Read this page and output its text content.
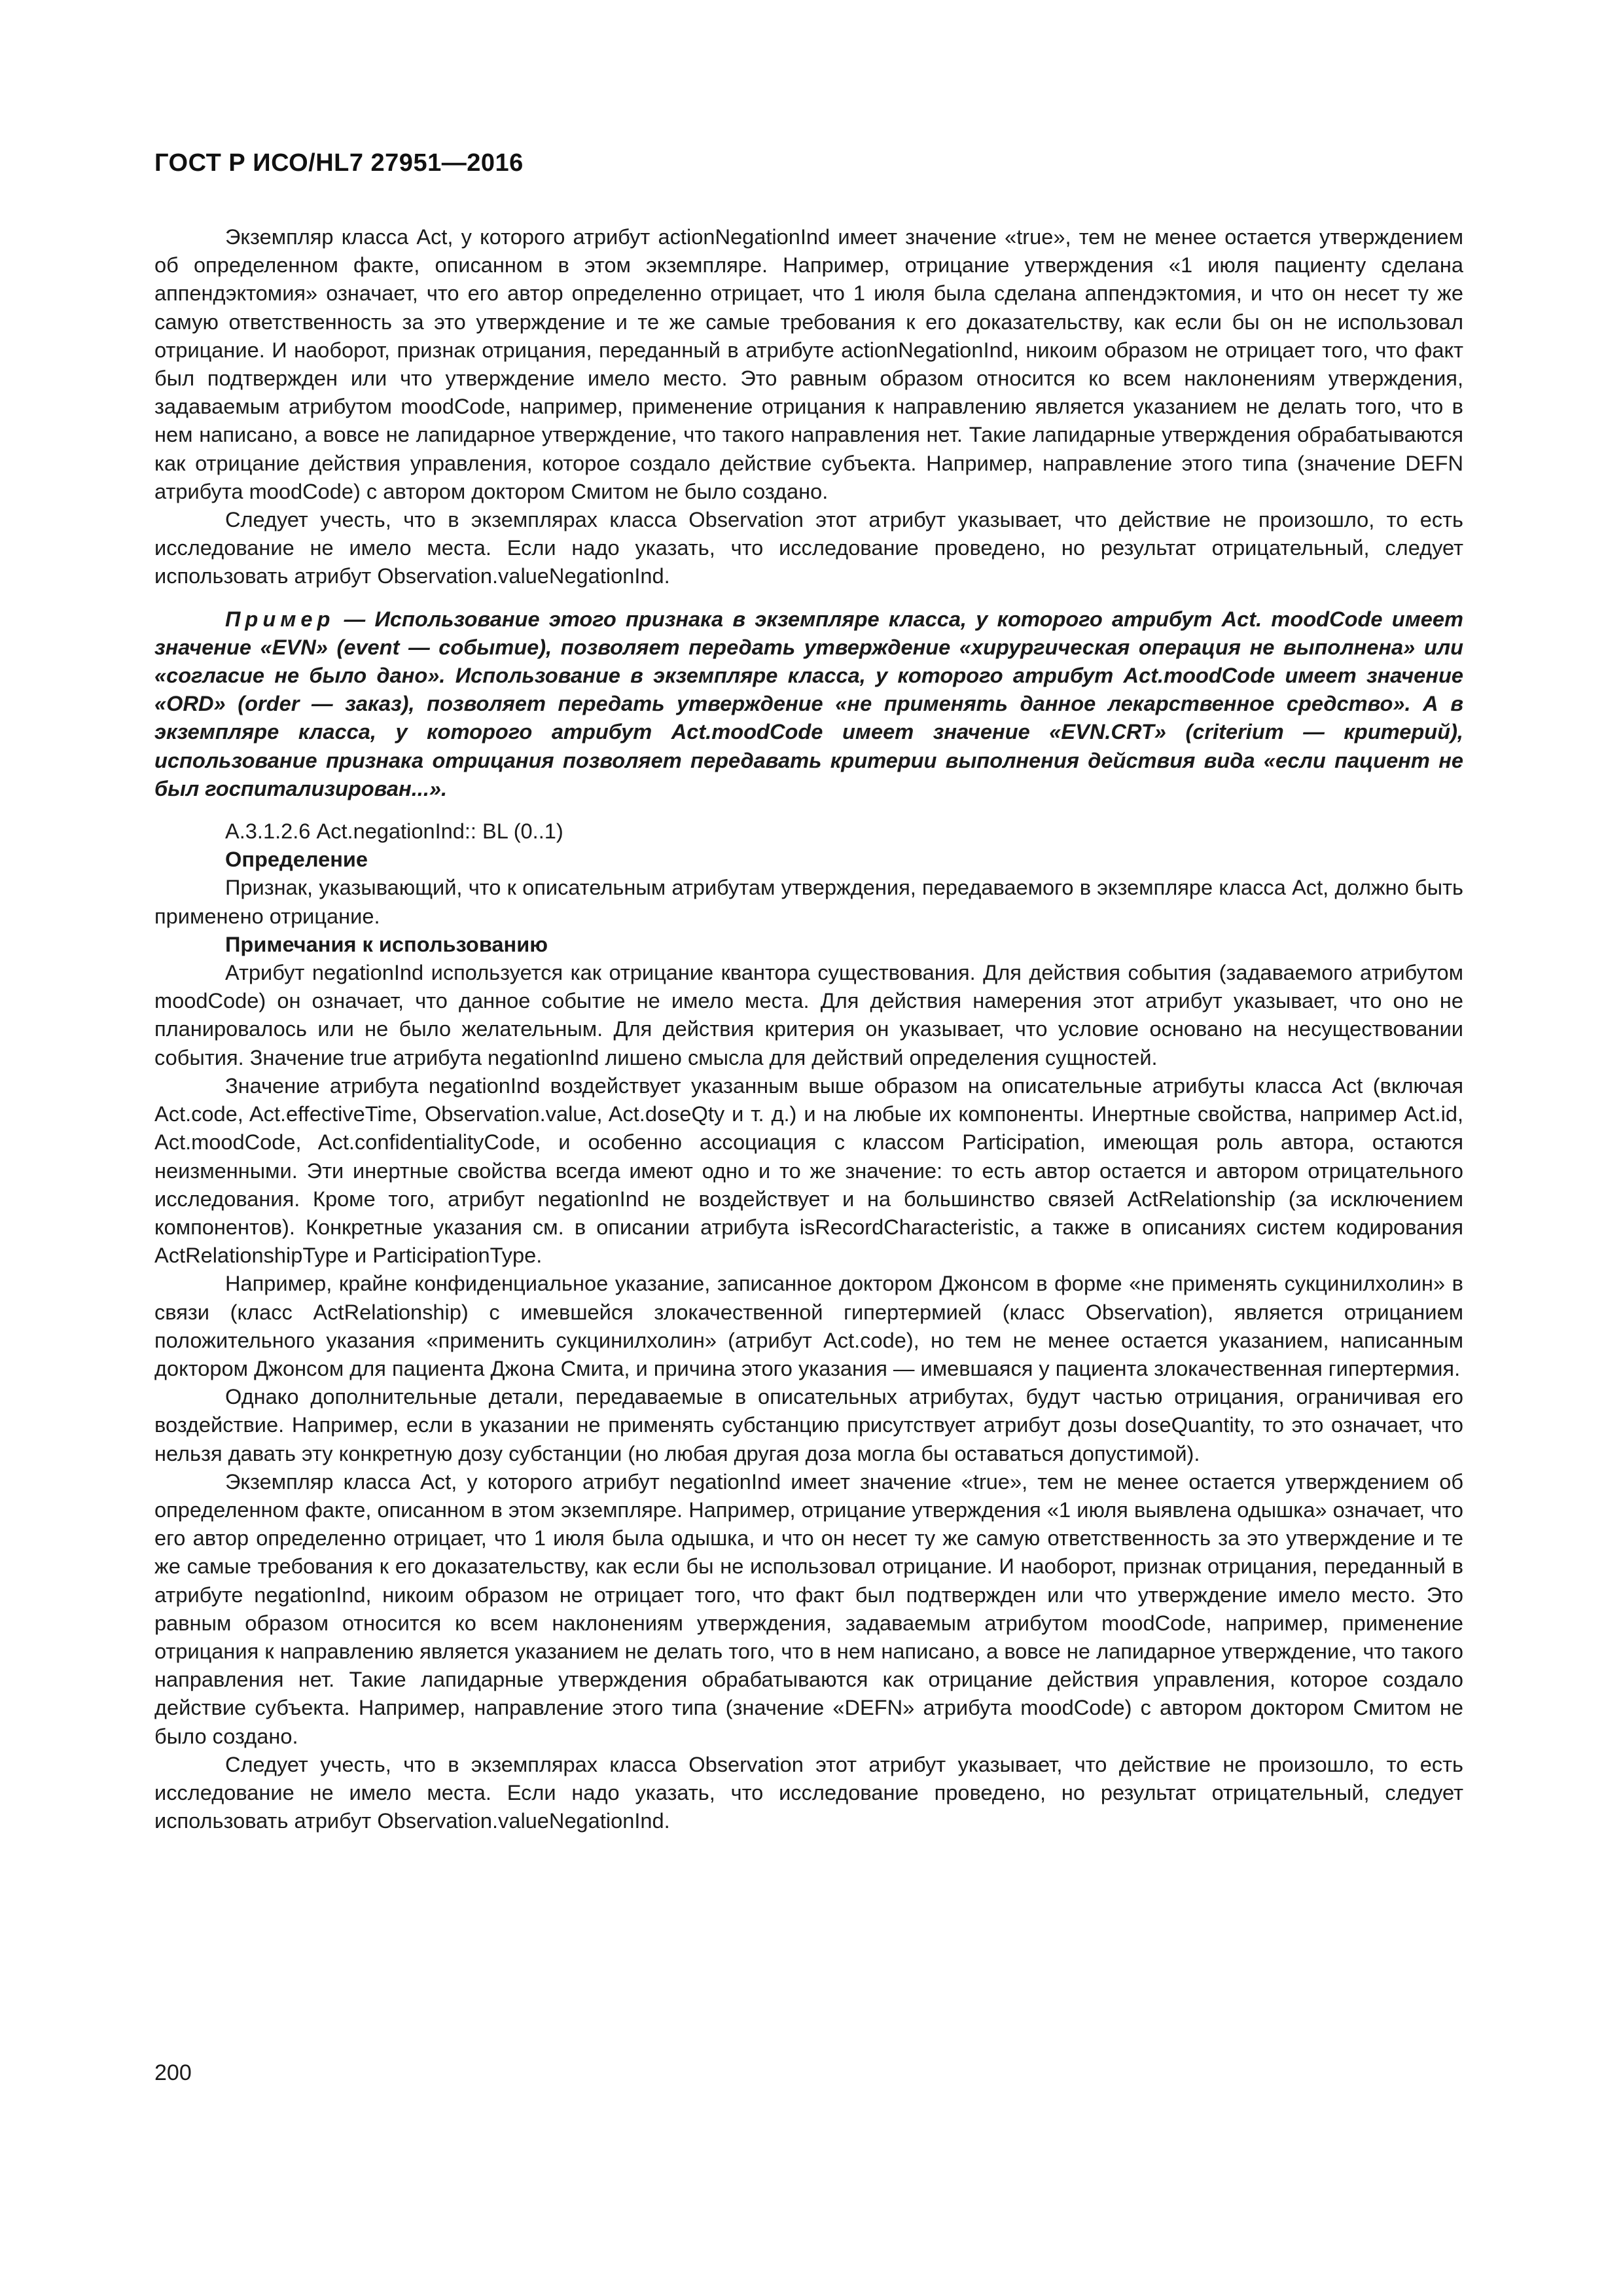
ГОСТ Р ИСО/HL7 27951—2016

Экземпляр класса Act, у которого атрибут actionNegationInd имеет значение «true», тем не менее остается утверждением об определенном факте, описанном в этом экземпляре. Например, отрицание утверждения «1 июля пациенту сделана аппендэктомия» означает, что его автор определенно отрицает, что 1 июля была сделана аппендэктомия, и что он несет ту же самую ответственность за это утверждение и те же самые требования к его доказательству, как если бы он не использовал отрицание. И наоборот, признак отрицания, переданный в атрибуте actionNegationInd, никоим образом не отрицает того, что факт был подтвержден или что утверждение имело место. Это равным образом относится ко всем наклонениям утверждения, задаваемым атрибутом moodCode, например, применение отрицания к направлению является указанием не делать того, что в нем написано, а вовсе не лапидарное утверждение, что такого направления нет. Такие лапидарные утверждения обрабатываются как отрицание действия управления, которое создало действие субъекта. Например, направление этого типа (значение DEFN атрибута moodCode) с автором доктором Смитом не было создано.

Следует учесть, что в экземплярах класса Observation этот атрибут указывает, что действие не произошло, то есть исследование не имело места. Если надо указать, что исследование проведено, но результат отрицательный, следует использовать атрибут Observation.valueNegationInd.

Пример — Использование этого признака в экземпляре класса, у которого атрибут Act. moodCode имеет значение «EVN» (event — событие), позволяет передать утверждение «хирургическая операция не выполнена» или «согласие не было дано». Использование в экземпляре класса, у которого атрибут Act.moodCode имеет значение «ORD» (order — заказ), позволяет передать утверждение «не применять данное лекарственное средство». А в экземпляре класса, у которого атрибут Act.moodCode имеет значение «EVN.CRT» (criterium — критерий), использование признака отрицания позволяет передавать критерии выполнения действия вида «если пациент не был госпитализирован...».

А.3.1.2.6 Act.negationInd:: BL (0..1)

Определение

Признак, указывающий, что к описательным атрибутам утверждения, передаваемого в экземпляре класса Act, должно быть применено отрицание.

Примечания к использованию

Атрибут negationInd используется как отрицание квантора существования. Для действия события (задаваемого атрибутом moodCode) он означает, что данное событие не имело места. Для действия намерения этот атрибут указывает, что оно не планировалось или не было желательным. Для действия критерия он указывает, что условие основано на несуществовании события. Значение true атрибута negationInd лишено смысла для действий определения сущностей.

Значение атрибута negationInd воздействует указанным выше образом на описательные атрибуты класса Act (включая Act.code, Act.effectiveTime, Observation.value, Act.doseQty и т. д.) и на любые их компоненты. Инертные свойства, например Act.id, Act.moodCode, Act.confidentialityCode, и особенно ассоциация с классом Participation, имеющая роль автора, остаются неизменными. Эти инертные свойства всегда имеют одно и то же значение: то есть автор остается и автором отрицательного исследования. Кроме того, атрибут negationInd не воздействует и на большинство связей ActRelationship (за исключением компонентов). Конкретные указания см. в описании атрибута isRecordCharacteristic, а также в описаниях систем кодирования ActRelationshipType и ParticipationType.

Например, крайне конфиденциальное указание, записанное доктором Джонсом в форме «не применять сукцинилхолин» в связи (класс ActRelationship) с имевшейся злокачественной гипертермией (класс Observation), является отрицанием положительного указания «применить сукцинилхолин» (атрибут Act.code), но тем не менее остается указанием, написанным доктором Джонсом для пациента Джона Смита, и причина этого указания — имевшаяся у пациента злокачественная гипертермия.

Однако дополнительные детали, передаваемые в описательных атрибутах, будут частью отрицания, ограничивая его воздействие. Например, если в указании не применять субстанцию присутствует атрибут дозы doseQuantity, то это означает, что нельзя давать эту конкретную дозу субстанции (но любая другая доза могла бы оставаться допустимой).

Экземпляр класса Act, у которого атрибут negationInd имеет значение «true», тем не менее остается утверждением об определенном факте, описанном в этом экземпляре. Например, отрицание утверждения «1 июля выявлена одышка» означает, что его автор определенно отрицает, что 1 июля была одышка, и что он несет ту же самую ответственность за это утверждение и те же самые требования к его доказательству, как если бы не использовал отрицание. И наоборот, признак отрицания, переданный в атрибуте negationInd, никоим образом не отрицает того, что факт был подтвержден или что утверждение имело место. Это равным образом относится ко всем наклонениям утверждения, задаваемым атрибутом moodCode, например, применение отрицания к направлению является указанием не делать того, что в нем написано, а вовсе не лапидарное утверждение, что такого направления нет. Такие лапидарные утверждения обрабатываются как отрицание действия управления, которое создало действие субъекта. Например, направление этого типа (значение «DEFN» атрибута moodCode) с автором доктором Смитом не было создано.

Следует учесть, что в экземплярах класса Observation этот атрибут указывает, что действие не произошло, то есть исследование не имело места. Если надо указать, что исследование проведено, но результат отрицательный, следует использовать атрибут Observation.valueNegationInd.

200
